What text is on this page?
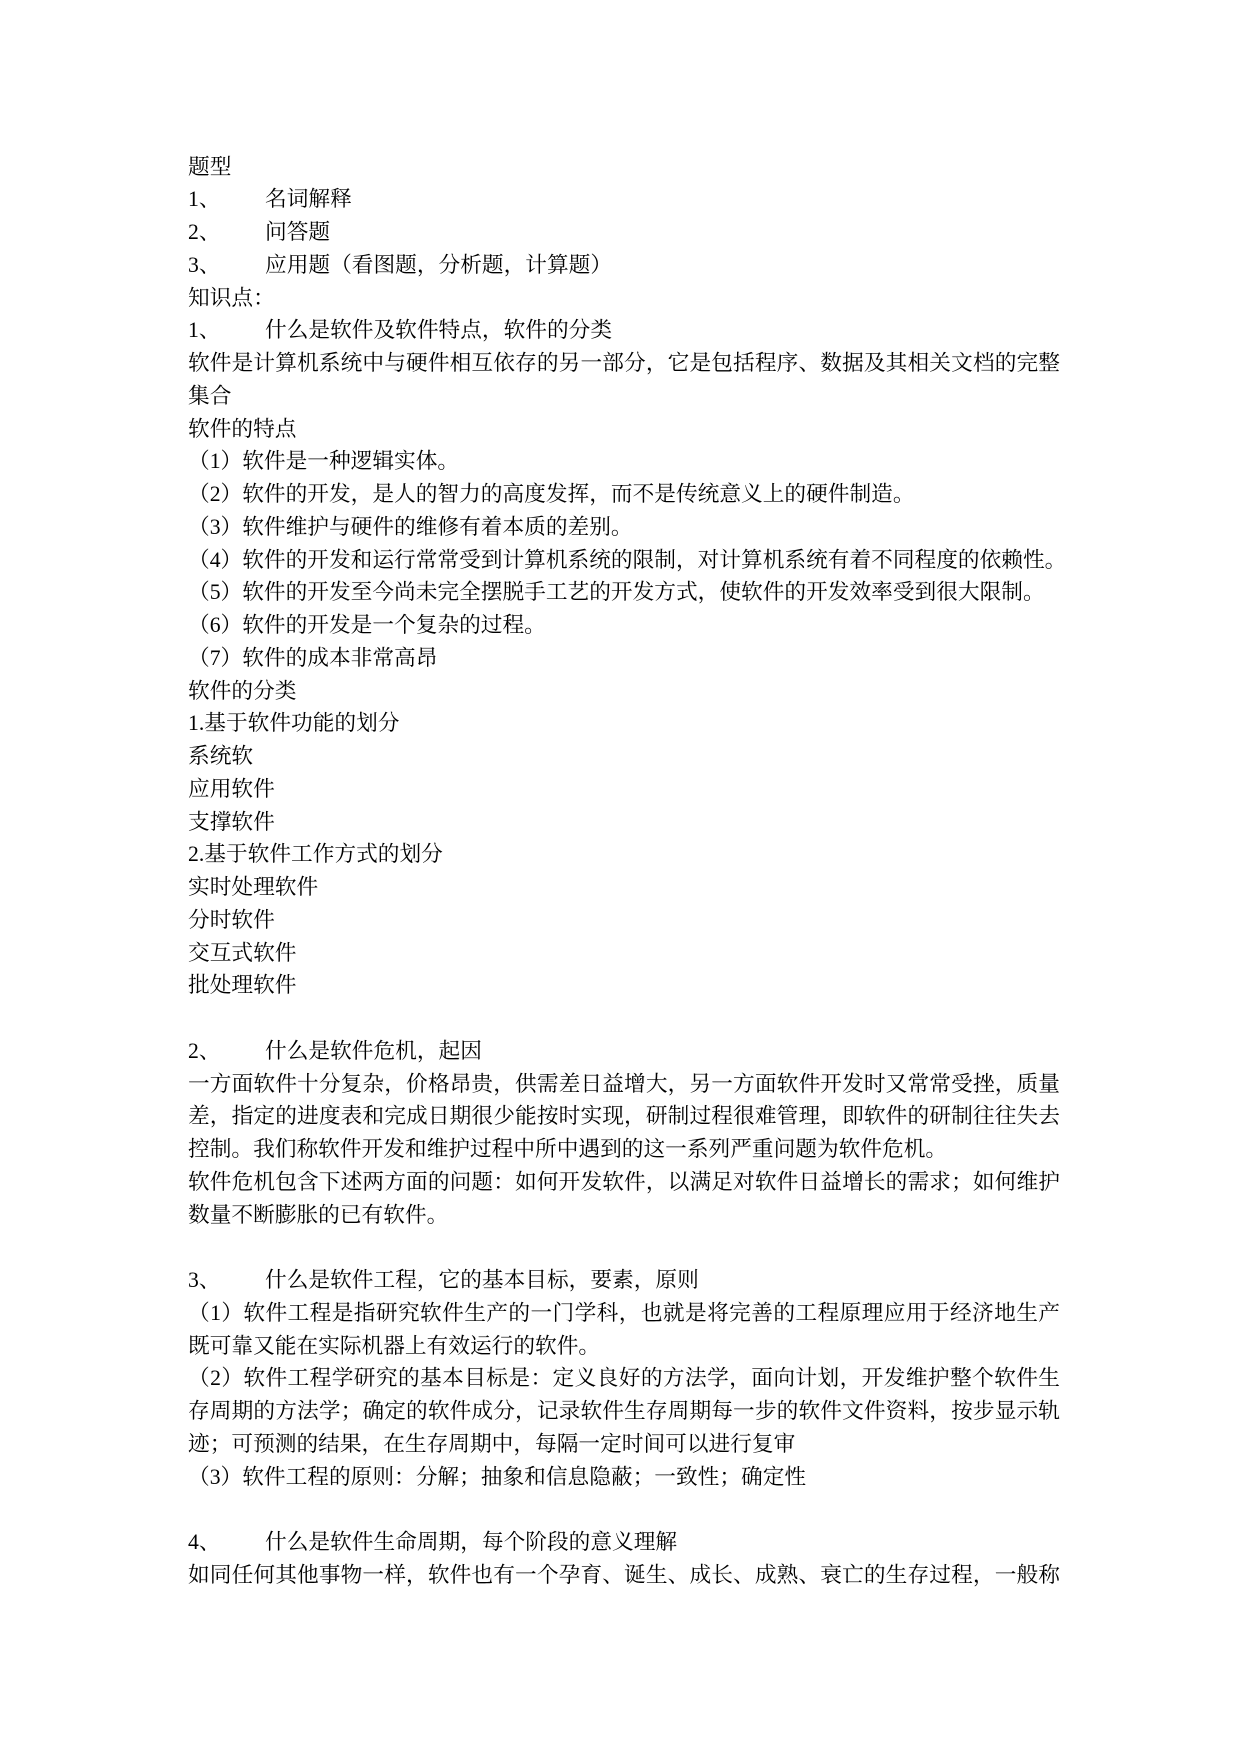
题型
1、 名词解释
2、 问答题
3、 应用题（看图题，分析题，计算题）
知识点：
1、 什么是软件及软件特点，软件的分类
软件是计算机系统中与硬件相互依存的另一部分，它是包括程序、数据及其相关文档的完整
集合
软件的特点
（1）软件是一种逻辑实体。
（2）软件的开发，是人的智力的高度发挥，而不是传统意义上的硬件制造。
（3）软件维护与硬件的维修有着本质的差别。
（4）软件的开发和运行常常受到计算机系统的限制，对计算机系统有着不同程度的依赖性。
（5）软件的开发至今尚未完全摆脱手工艺的开发方式，使软件的开发效率受到很大限制。
（6）软件的开发是一个复杂的过程。
（7）软件的成本非常高昂
软件的分类
1.基于软件功能的划分
系统软
应用软件
支撑软件
2.基于软件工作方式的划分
实时处理软件
分时软件
交互式软件
批处理软件
2、 什么是软件危机，起因
一方面软件十分复杂，价格昂贵，供需差日益增大，另一方面软件开发时又常常受挫，质量
差，指定的进度表和完成日期很少能按时实现，研制过程很难管理，即软件的研制往往失去
控制。我们称软件开发和维护过程中所中遇到的这一系列严重问题为软件危机。
软件危机包含下述两方面的问题：如何开发软件，以满足对软件日益增长的需求；如何维护
数量不断膨胀的已有软件。
3、 什么是软件工程，它的基本目标，要素，原则
（1）软件工程是指研究软件生产的一门学科，也就是将完善的工程原理应用于经济地生产
既可靠又能在实际机器上有效运行的软件。
（2）软件工程学研究的基本目标是：定义良好的方法学，面向计划，开发维护整个软件生
存周期的方法学；确定的软件成分，记录软件生存周期每一步的软件文件资料，按步显示轨
迹；可预测的结果，在生存周期中，每隔一定时间可以进行复审
（3）软件工程的原则：分解；抽象和信息隐蔽；一致性；确定性
4、 什么是软件生命周期，每个阶段的意义理解
如同任何其他事物一样，软件也有一个孕育、诞生、成长、成熟、衰亡的生存过程，一般称
